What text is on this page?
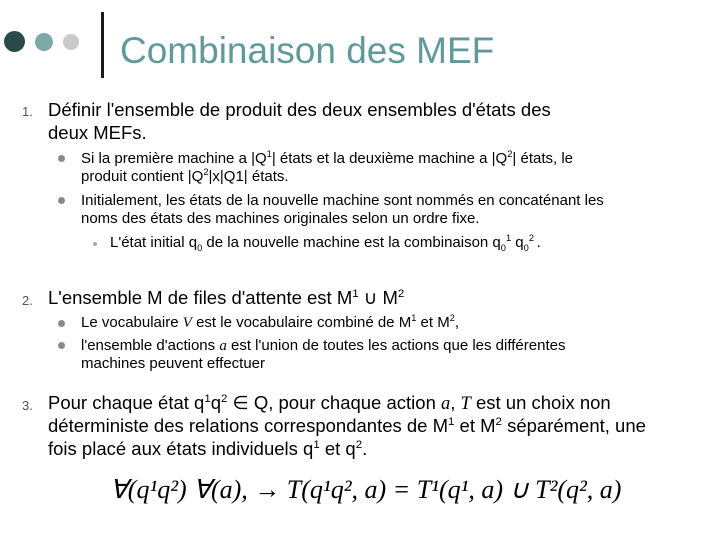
Combinaison des MEF
1. Définir l'ensemble de produit des deux ensembles d'états des
deux MEFs.
Si la première machine a $|Q^1|$ états et la deuxième machine a $|Q^2|$ états, le
produit contient $|Q^2|x|Q1|$ états.
Initialement, les états de la nouvelle machine sont nommés en concaténant les
noms des états des machines originales selon un ordre fixe.
L'état initial $q_0$ de la nouvelle machine est la combinaison $q_0^1$ $q_0^2$ .
2. L'ensemble M de files d'attente est $M^1$ ∪ $M^2$
Le vocabulaire V est le vocabulaire combiné de $M^1$ et $M^2$,
l'ensemble d'actions a est l'union de toutes les actions que les différentes
machines peuvent effectuer
3. Pour chaque état $q^1q^2$ ∈ Q, pour chaque action a, T est un choix non
déterministe des relations correspondantes de $M^1$ et $M^2$ séparément, une
fois placé aux états individuels $q^1$ et $q^2$.
∀(q¹q²) ∀(a), → T(q¹q², a) = T¹(q¹, a) ∪ T²(q², a)
